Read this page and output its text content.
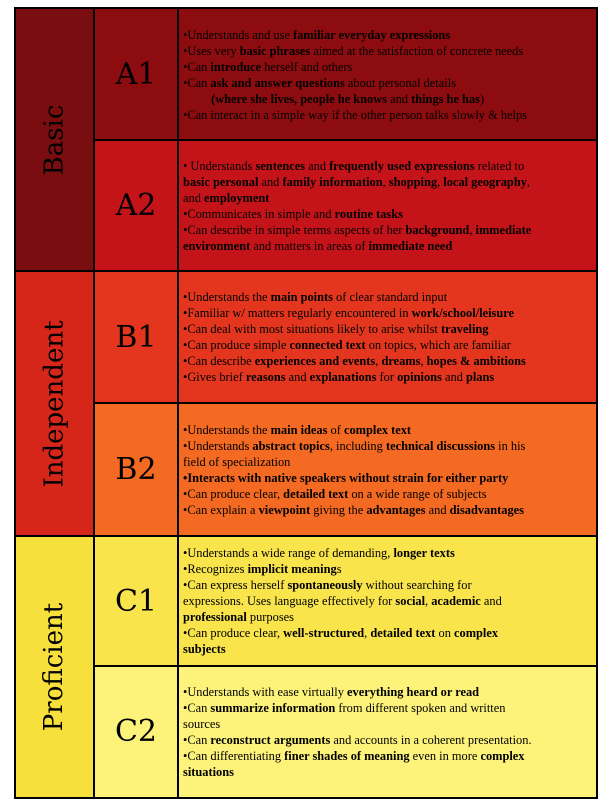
Basic
Independent
Proficient
A1
A2
B1
B2
C1
C2
•Understands and use familiar everyday expressions
•Uses very basic phrases aimed at the satisfaction of concrete needs
•Can introduce herself and others
•Can ask and answer questions about personal details
(where she lives, people he knows and things he has)
•Can interact in a simple way if the other person talks slowly & helps
• Understands sentences and frequently used expressions related to
basic personal and family information, shopping, local geography,
and employment
•Communicates in simple and routine tasks
•Can describe in simple terms aspects of her background, immediate
environment and matters in areas of immediate need
•Understands the main points of clear standard input
•Familiar w/ matters regularly encountered in work/school/leisure
•Can deal with most situations likely to arise whilst traveling
•Can produce simple connected text on topics, which are familiar
•Can describe experiences and events, dreams, hopes & ambitions
•Gives brief reasons and explanations for opinions and plans
•Understands the main ideas of complex text
•Understands abstract topics, including technical discussions in his
field of specialization
•Interacts with native speakers without strain for either party
•Can produce clear, detailed text on a wide range of subjects
•Can explain a viewpoint giving the advantages and disadvantages
•Understands a wide range of demanding, longer texts
•Recognizes implicit meanings
•Can express herself spontaneously without searching for
expressions. Uses language effectively for social, academic and
professional purposes
•Can produce clear, well-structured, detailed text on complex
subjects
•Understands with ease virtually everything heard or read
•Can summarize information from different spoken and written
sources
•Can reconstruct arguments and accounts in a coherent presentation.
•Can differentiating finer shades of meaning even in more complex
situations
